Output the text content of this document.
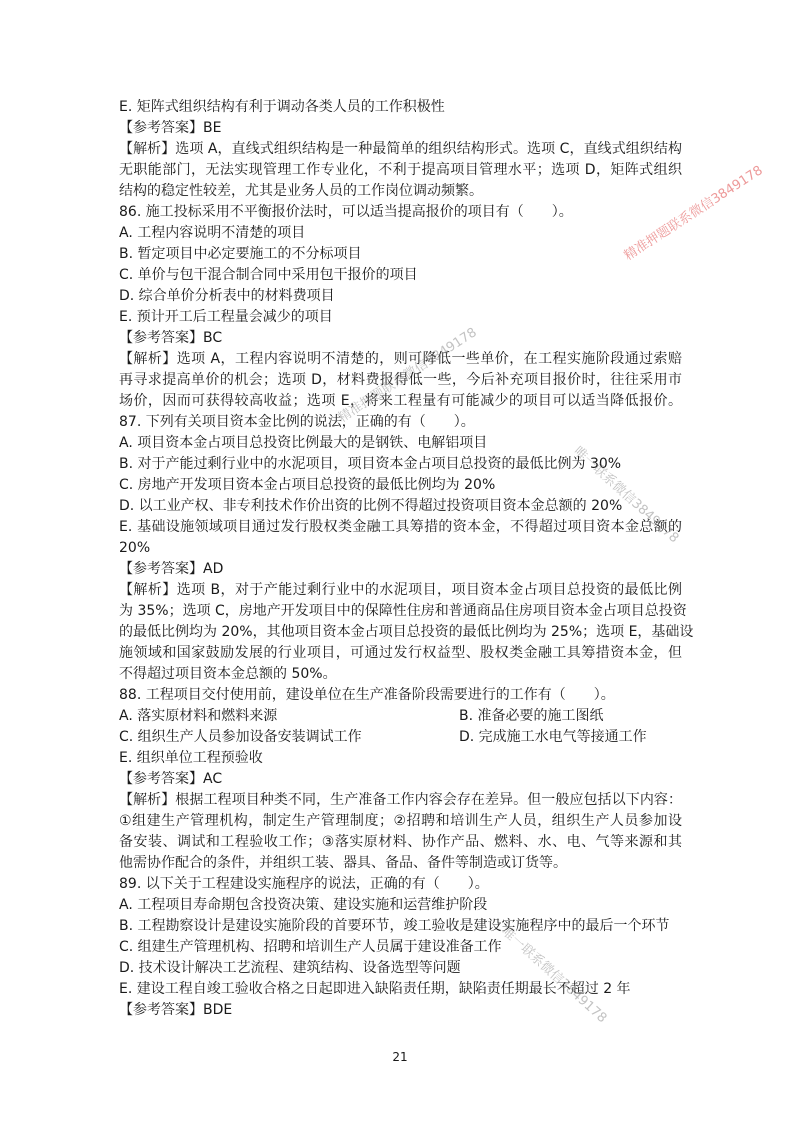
E. 矩阵式组织结构有利于调动各类人员的工作积极性
【参考答案】BE
【解析】选项 A，直线式组织结构是一种最简单的组织结构形式。选项 C，直线式组织结构
无职能部门，无法实现管理工作专业化，不利于提高项目管理水平；选项 D，矩阵式组织
结构的稳定性较差，尤其是业务人员的工作岗位调动频繁。
86. 施工投标采用不平衡报价法时，可以适当提高报价的项目有（　　）。
A. 工程内容说明不清楚的项目
B. 暂定项目中必定要施工的不分标项目
C. 单价与包干混合制合同中采用包干报价的项目
D. 综合单价分析表中的材料费项目
E. 预计开工后工程量会减少的项目
【参考答案】BC
【解析】选项 A，工程内容说明不清楚的，则可降低一些单价，在工程实施阶段通过索赔
再寻求提高单价的机会；选项 D，材料费报得低一些，今后补充项目报价时，往往采用市
场价，因而可获得较高收益；选项 E，将来工程量有可能减少的项目可以适当降低报价。
87. 下列有关项目资本金比例的说法，正确的有（　　）。
A. 项目资本金占项目总投资比例最大的是钢铁、电解铝项目
B. 对于产能过剩行业中的水泥项目，项目资本金占项目总投资的最低比例为 30%
C. 房地产开发项目资本金占项目总投资的最低比例均为 20%
D. 以工业产权、非专利技术作价出资的比例不得超过投资项目资本金总额的 20%
E. 基础设施领域项目通过发行股权类金融工具筹措的资本金，不得超过项目资本金总额的
20%
【参考答案】AD
【解析】选项 B，对于产能过剩行业中的水泥项目，项目资本金占项目总投资的最低比例
为 35%；选项 C，房地产开发项目中的保障性住房和普通商品住房项目资本金占项目总投资
的最低比例均为 20%，其他项目资本金占项目总投资的最低比例均为 25%；选项 E，基础设
施领域和国家鼓励发展的行业项目，可通过发行权益型、股权类金融工具筹措资本金，但
不得超过项目资本金总额的 50%。
88. 工程项目交付使用前，建设单位在生产准备阶段需要进行的工作有（　　）。
A. 落实原材料和燃料来源	B. 准备必要的施工图纸
C. 组织生产人员参加设备安装调试工作	D. 完成施工水电气等接通工作
E. 组织单位工程预验收
【参考答案】AC
【解析】根据工程项目种类不同，生产准备工作内容会存在差异。但一般应包括以下内容：
①组建生产管理机构，制定生产管理制度；②招聘和培训生产人员，组织生产人员参加设
备安装、调试和工程验收工作；③落实原材料、协作产品、燃料、水、电、气等来源和其
他需协作配合的条件，并组织工装、器具、备品、备件等制造或订货等。
89. 以下关于工程建设实施程序的说法，正确的有（　　）。
A. 工程项目寿命期包含投资决策、建设实施和运营维护阶段
B. 工程勘察设计是建设实施阶段的首要环节，竣工验收是建设实施程序中的最后一个环节
C. 组建生产管理机构、招聘和培训生产人员属于建设准备工作
D. 技术设计解决工艺流程、建筑结构、设备选型等问题
E. 建设工程自竣工验收合格之日起即进入缺陷责任期，缺陷责任期最长不超过 2 年
【参考答案】BDE
21
精准押题联系微信3849178
精准押题联系微信3849178
唯一联系微信3849178
唯一联系微信3849178
